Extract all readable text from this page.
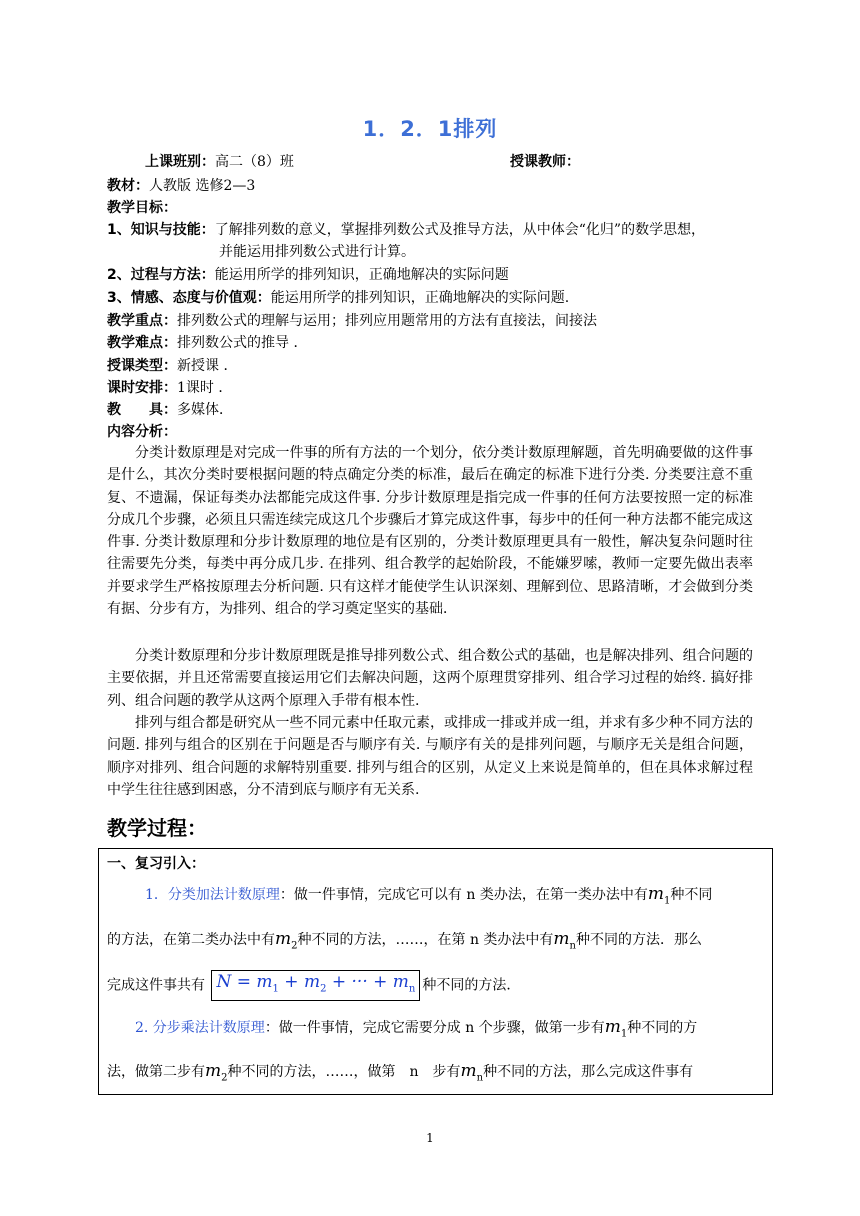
1．2．1排列
上课班别：高二（8）班	授课教师：
教材：人教版 选修2—3
教学目标：
1、知识与技能：了解排列数的意义，掌握排列数公式及推导方法，从中体会“化归”的数学思想，
并能运用排列数公式进行计算。
2、过程与方法：能运用所学的排列知识，正确地解决的实际问题
3、情感、态度与价值观：能运用所学的排列知识，正确地解决的实际问题.
教学重点：排列数公式的理解与运用；排列应用题常用的方法有直接法，间接法
教学难点：排列数公式的推导 ．
授课类型：新授课 ．
课时安排：1课时 ．
教　　具：多媒体．
内容分析：
分类计数原理是对完成一件事的所有方法的一个划分，依分类计数原理解题，首先明确要做的这件事是什么，其次分类时要根据问题的特点确定分类的标准，最后在确定的标准下进行分类. 分类要注意不重复、不遗漏，保证每类办法都能完成这件事. 分步计数原理是指完成一件事的任何方法要按照一定的标准分成几个步骤，必须且只需连续完成这几个步骤后才算完成这件事，每步中的任何一种方法都不能完成这件事. 分类计数原理和分步计数原理的地位是有区别的，分类计数原理更具有一般性，解决复杂问题时往往需要先分类，每类中再分成几步. 在排列、组合教学的起始阶段，不能嫌罗嗦，教师一定要先做出表率并要求学生严格按原理去分析问题. 只有这样才能使学生认识深刻、理解到位、思路清晰，才会做到分类有据、分步有方，为排列、组合的学习奠定坚实的基础．
分类计数原理和分步计数原理既是推导排列数公式、组合数公式的基础，也是解决排列、组合问题的主要依据，并且还常需要直接运用它们去解决问题，这两个原理贯穿排列、组合学习过程的始终. 搞好排列、组合问题的教学从这两个原理入手带有根本性.
排列与组合都是研究从一些不同元素中任取元素，或排成一排或并成一组，并求有多少种不同方法的问题. 排列与组合的区别在于问题是否与顺序有关. 与顺序有关的是排列问题，与顺序无关是组合问题，顺序对排列、组合问题的求解特别重要. 排列与组合的区别，从定义上来说是简单的，但在具体求解过程中学生往往感到困惑，分不清到底与顺序有无关系.
教学过程：
一、复习引入：
1．分类加法计数原理：做一件事情，完成它可以有 n 类办法，在第一类办法中有$m_1$种不同
的方法，在第二类办法中有$m_2$种不同的方法，……，在第 n 类办法中有$m_n$种不同的方法．那么
完成这件事共有 $N = m_1 + m_2$ + ··· + $m_n$ 种不同的方法．
2. 分步乘法计数原理：做一件事情，完成它需要分成 n 个步骤，做第一步有$m_1$种不同的方
法，做第二步有$m_2$种不同的方法，……，做第　n　步有$m_n$种不同的方法，那么完成这件事有
1
